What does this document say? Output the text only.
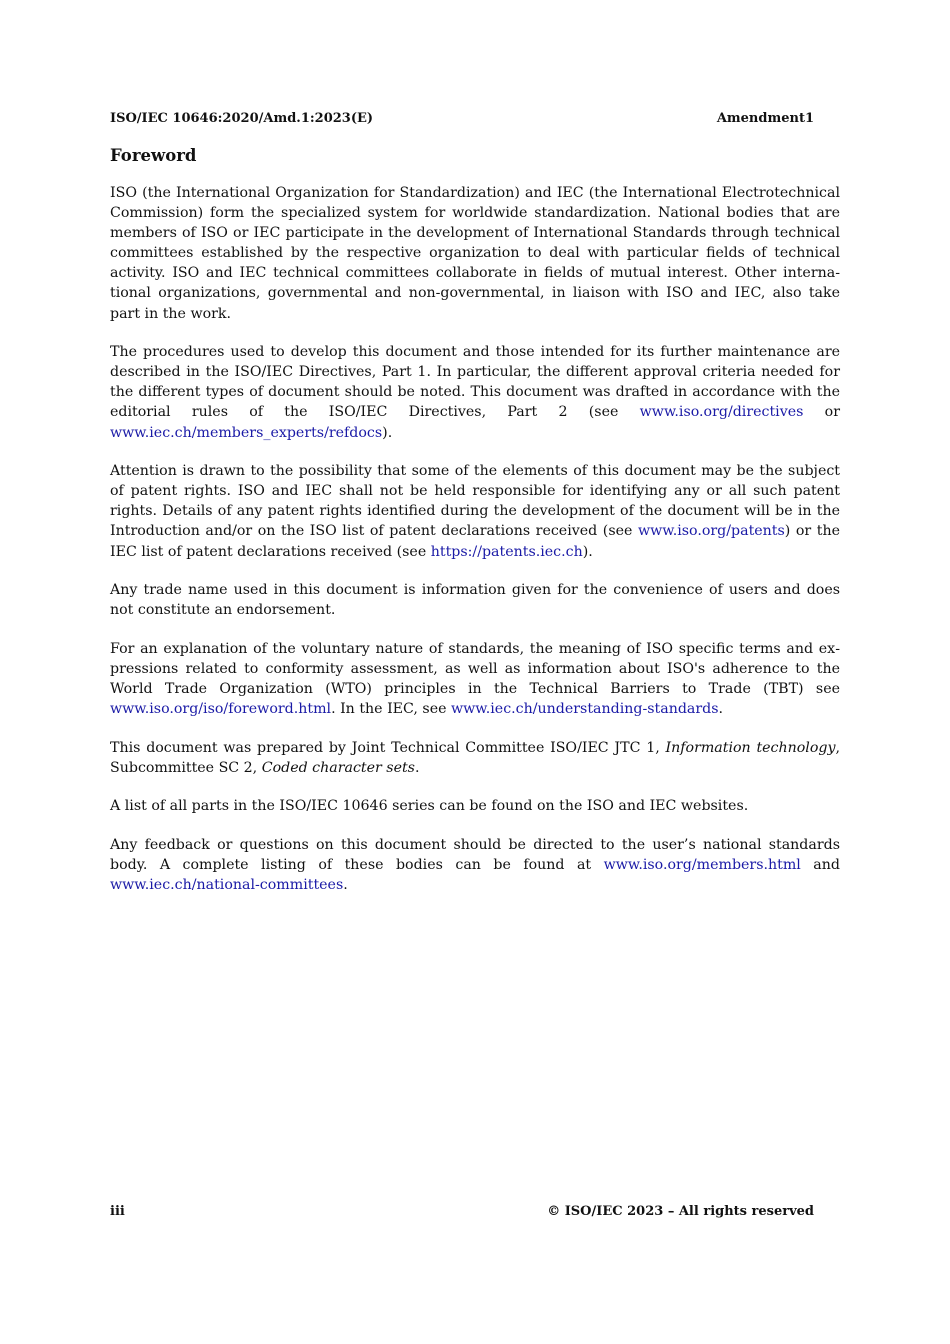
ISO/IEC 10646:2020/Amd.1:2023(E)	Amendment1
Foreword

ISO (the International Organization for Standardization) and IEC (the International Electrotechnical Commission) form the specialized system for worldwide standardization. National bodies that are members of ISO or IEC participate in the development of International Standards through technical committees established by the respective organization to deal with particular fields of technical activity. ISO and IEC technical committees collaborate in fields of mutual interest. Other international organizations, governmental and non-governmental, in liaison with ISO and IEC, also take part in the work.

The procedures used to develop this document and those intended for its further maintenance are described in the ISO/IEC Directives, Part 1. In particular, the different approval criteria needed for the different types of document should be noted. This document was drafted in accordance with the editorial rules of the ISO/IEC Directives, Part 2 (see www.iso.org/directives or www.iec.ch/members_experts/refdocs).

Attention is drawn to the possibility that some of the elements of this document may be the subject of patent rights. ISO and IEC shall not be held responsible for identifying any or all such patent rights. Details of any patent rights identified during the development of the document will be in the Introduction and/or on the ISO list of patent declarations received (see www.iso.org/patents) or the IEC list of patent declarations received (see https://patents.iec.ch).

Any trade name used in this document is information given for the convenience of users and does not constitute an endorsement.

For an explanation of the voluntary nature of standards, the meaning of ISO specific terms and expressions related to conformity assessment, as well as information about ISO's adherence to the World Trade Organization (WTO) principles in the Technical Barriers to Trade (TBT) see www.iso.org/iso/foreword.html. In the IEC, see www.iec.ch/understanding-standards.

This document was prepared by Joint Technical Committee ISO/IEC JTC 1, Information technology, Subcommittee SC 2, Coded character sets.

A list of all parts in the ISO/IEC 10646 series can be found on the ISO and IEC websites.

Any feedback or questions on this document should be directed to the user’s national standards body. A complete listing of these bodies can be found at www.iso.org/members.html and www.iec.ch/national-committees.

iii	© ISO/IEC 2023 – All rights reserved
